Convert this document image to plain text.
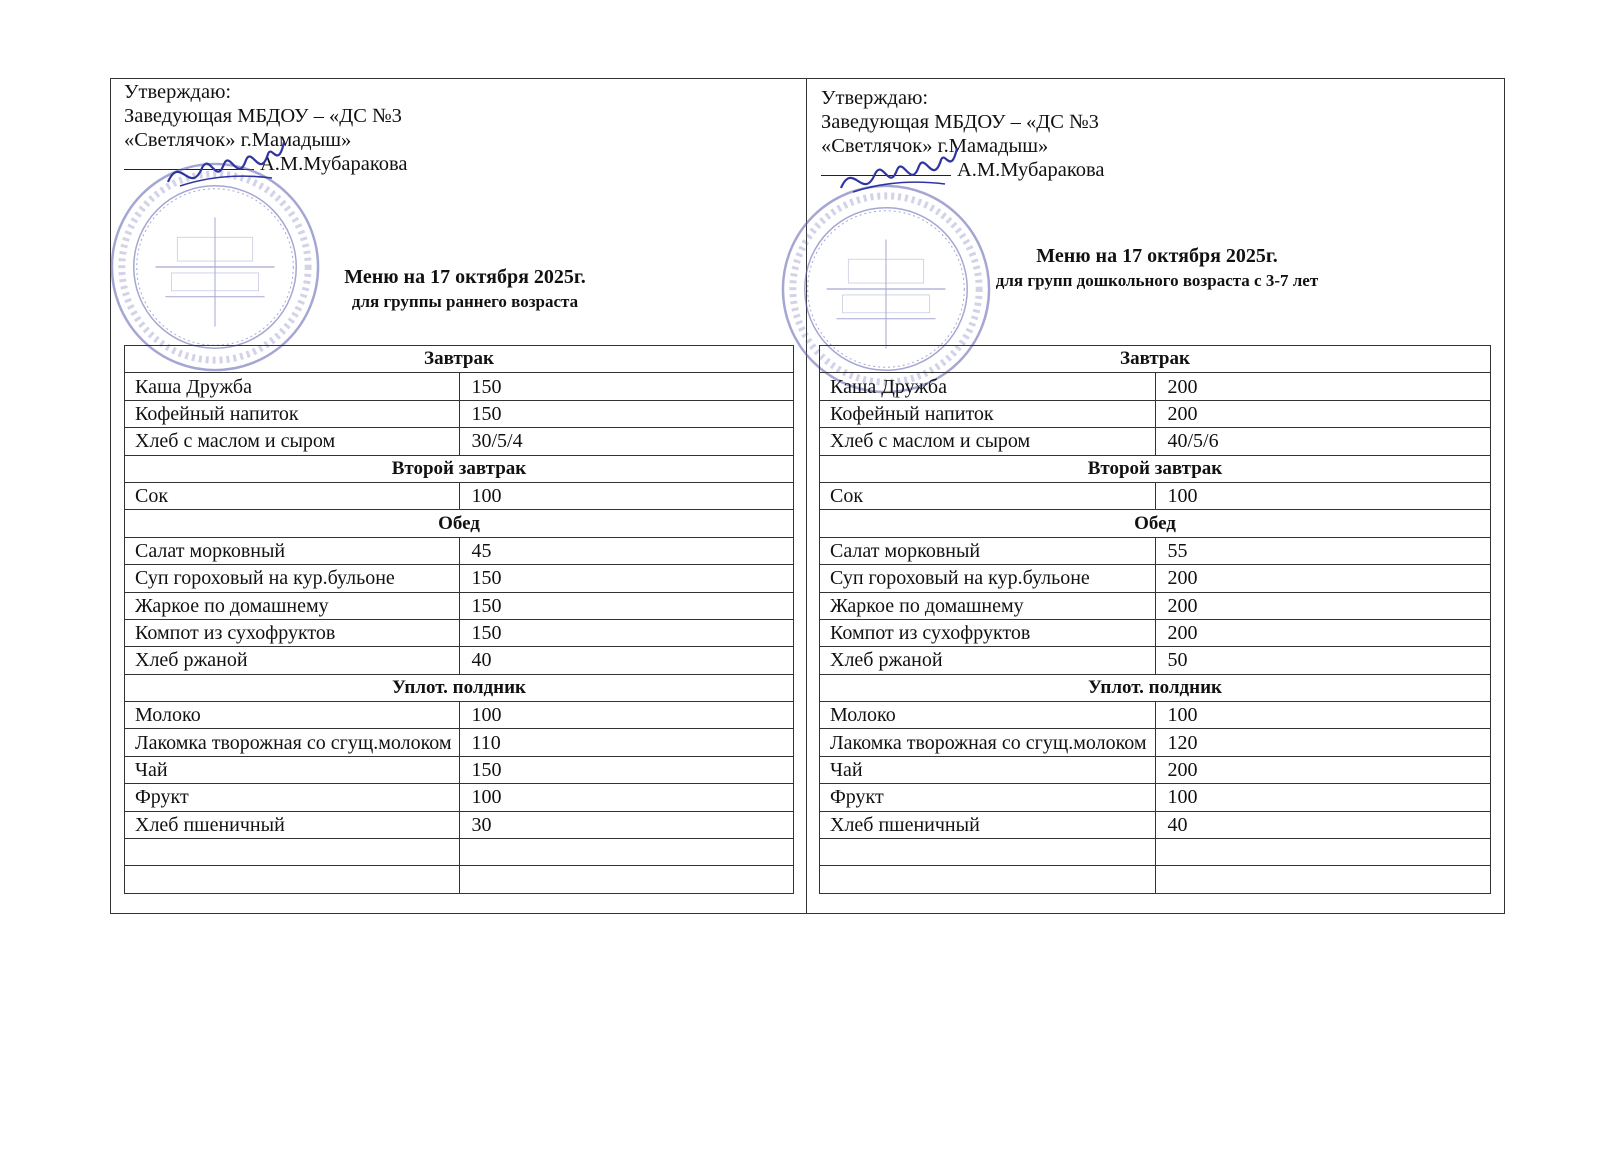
Утверждаю:
Заведующая МБДОУ – «ДС №3
«Светлячок» г.Мамадыш»
А.М.Мубаракова
Меню на 17 октября 2025г.
для группы раннего возраста
Завтрак	
Каша Дружба	150
Кофейный напиток	150
Хлеб с маслом и сыром	30/5/4
Второй завтрак	
Сок	100
Обед	
Салат морковный	45
Суп гороховый на кур.бульоне	150
Жаркое по домашнему	150
Компот из сухофруктов	150
Хлеб ржаной	40
Уплот. полдник	
Молоко	100
Лакомка творожная со сгущ.молоком	110
Чай	150
Фрукт	100
Хлеб пшеничный	30

Утверждаю:
Заведующая МБДОУ – «ДС №3
«Светлячок» г.Мамадыш»
А.М.Мубаракова
Меню на 17 октября 2025г.
для групп дошкольного возраста с 3-7 лет
Завтрак	
Каша Дружба	200
Кофейный напиток	200
Хлеб с маслом и сыром	40/5/6
Второй завтрак	
Сок	100
Обед	
Салат морковный	55
Суп гороховый на кур.бульоне	200
Жаркое по домашнему	200
Компот из сухофруктов	200
Хлеб ржаной	50
Уплот. полдник	
Молоко	100
Лакомка творожная со сгущ.молоком	120
Чай	200
Фрукт	100
Хлеб пшеничный	40
